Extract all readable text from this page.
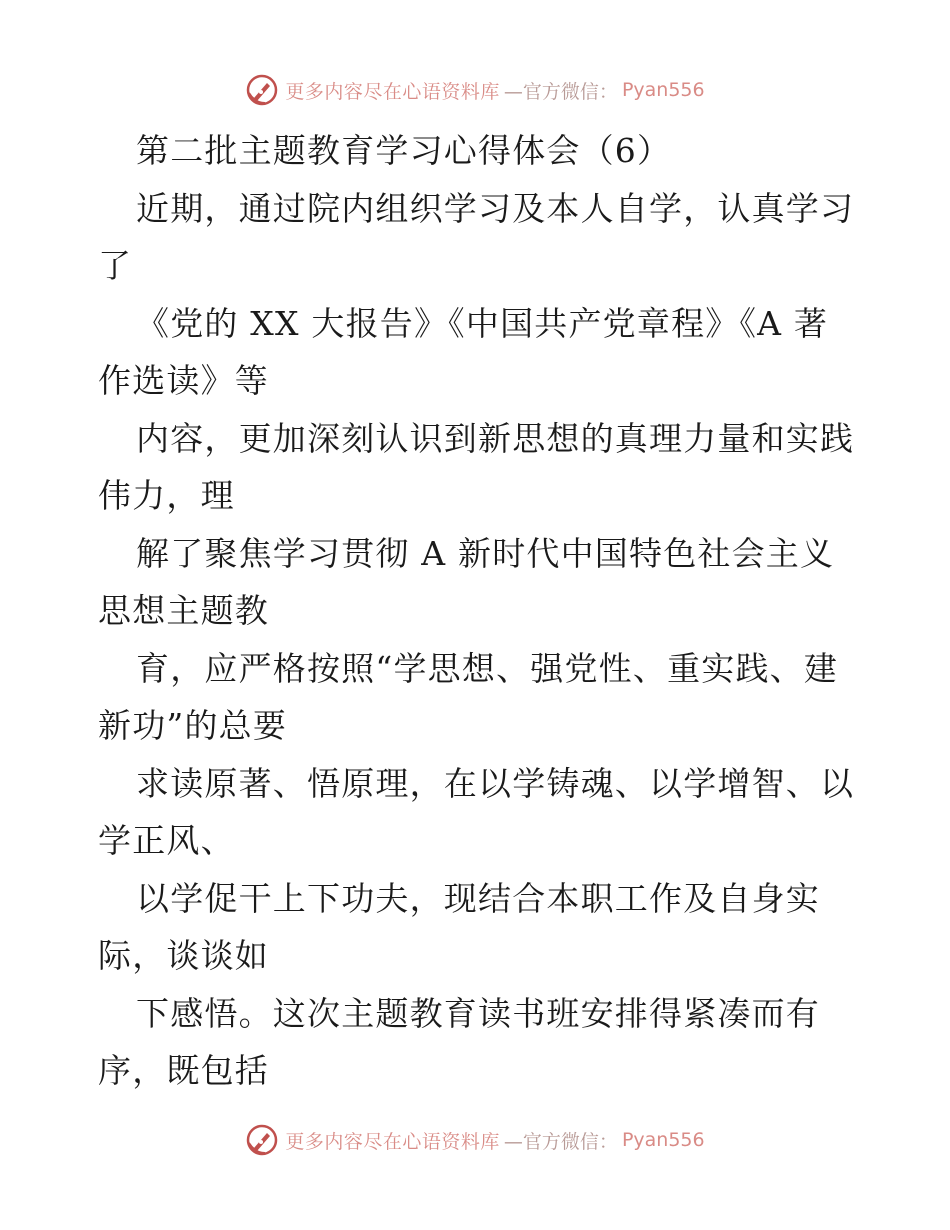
更多内容尽在心语资料库 —官方微信： Pyan556
第二批主题教育学习心得体会（6）
近期，通过院内组织学习及本人自学，认真学习
了
《党的 XX 大报告》《中国共产党章程》《A 著
作选读》等
内容，更加深刻认识到新思想的真理力量和实践
伟力，理
解了聚焦学习贯彻 A 新时代中国特色社会主义
思想主题教
育，应严格按照“学思想、强党性、重实践、建
新功”的总要
求读原著、悟原理，在以学铸魂、以学增智、以
学正风、
以学促干上下功夫，现结合本职工作及自身实
际，谈谈如
下感悟。这次主题教育读书班安排得紧凑而有
序，既包括
更多内容尽在心语资料库 —官方微信： Pyan556
